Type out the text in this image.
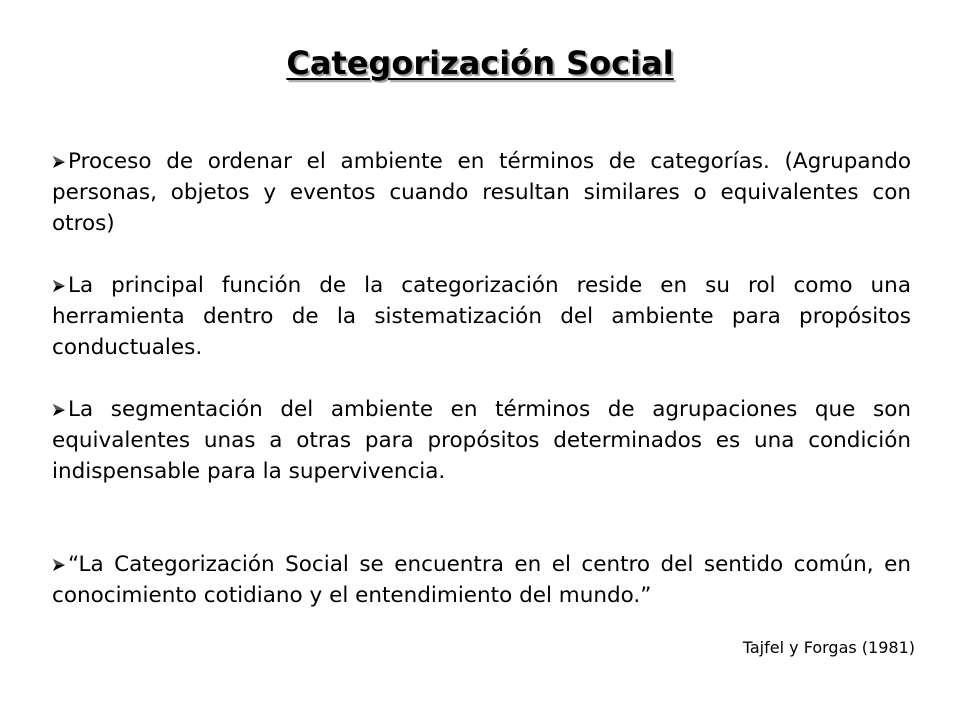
Categorización Social

Proceso de ordenar el ambiente en términos de categorías. (Agrupando personas, objetos y eventos cuando resultan similares o equivalentes con otros)

La principal función de la categorización reside en su rol como una herramienta dentro de la sistematización del ambiente para propósitos conductuales.

La segmentación del ambiente en términos de agrupaciones que son equivalentes unas a otras para propósitos determinados es una condición indispensable para la supervivencia.

“La Categorización Social se encuentra en el centro del sentido común, en conocimiento cotidiano y el entendimiento del mundo.”

Tajfel y Forgas (1981)
